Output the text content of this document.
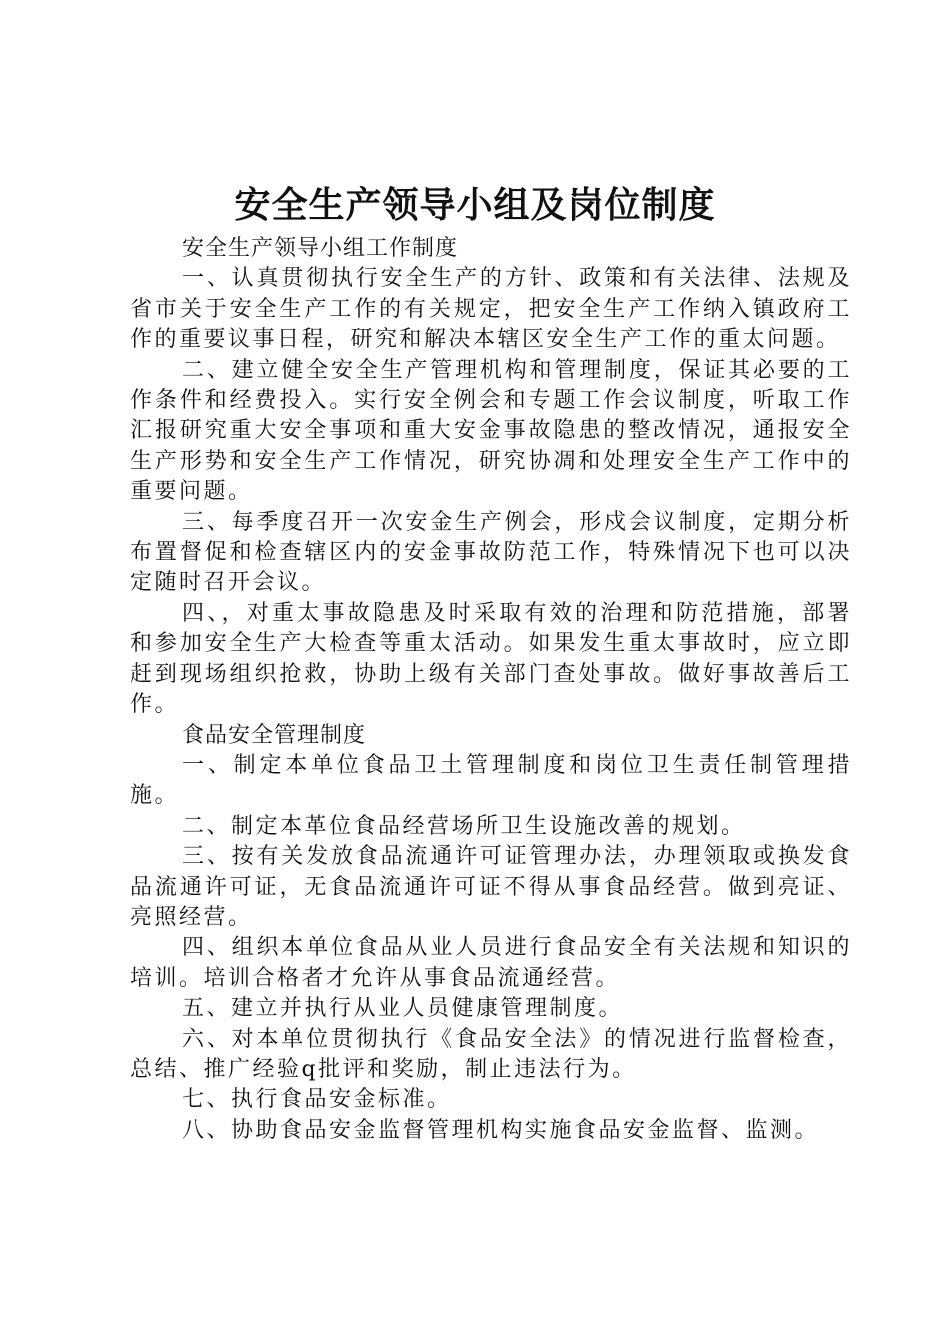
安全生产领导小组及岗位制度

安全生产领导小组工作制度

一、认真贯彻执行安全生产的方针、政策和有关法律、法规及省市关于安全生产工作的有关规定，把安全生产工作纳入镇政府工作的重要议事日程，研究和解决本辖区安全生产工作的重太问题。

二、建立健全安全生产管理机构和管理制度，保证其必要的工作条件和经费投入。实行安全例会和专题工作会议制度，听取工作汇报研究重大安全事项和重大安金事故隐患的整改情况，通报安全生产形势和安全生产工作情况，研究协凋和处理安全生产工作中的重要问题。

三、每季度召开一次安金生产例会，形戍会议制度，定期分析布置督促和检查辖区内的安金事故防范工作，特殊情况下也可以决定随时召开会议。

四、，对重太事故隐患及时采取有效的治理和防范措施，部署和参加安全生产大检查等重太活动。如果发生重太事故时，应立即赶到现场组织抢救，协助上级有关部门查处事故。做好事故善后工作。

食品安全管理制度

一、制定本单位食品卫土管理制度和岗位卫生责任制管理措施。

二、制定本革位食品经营场所卫生设施改善的规划。

三、按有关发放食品流通许可证管理办法，办理领取或换发食品流通许可证，无食品流通许可证不得从事食品经营。做到亮证、亮照经营。

四、组织本单位食品从业人员进行食品安全有关法规和知识的培训。培训合格者才允许从事食品流通经营。

五、建立并执行从业人员健康管理制度。

六、对本单位贯彻执行《食品安全法》的情况进行监督检查，总结、推广经验q批评和奖励，制止违法行为。

七、执行食品安金标准。

八、协助食品安金监督管理机构实施食品安金监督、监测。
